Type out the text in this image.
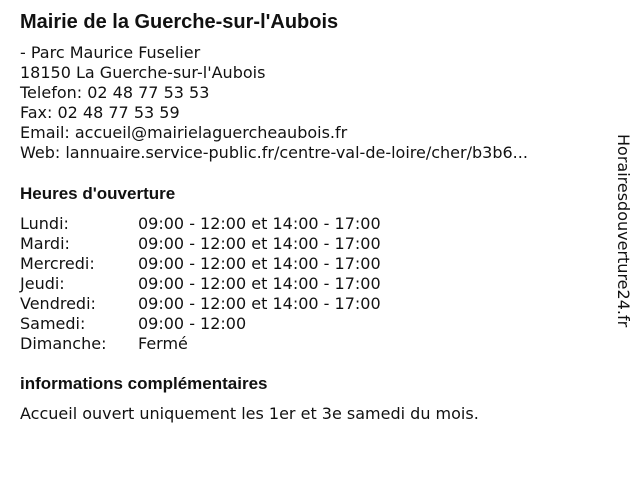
Mairie de la Guerche-sur-l'Aubois
- Parc Maurice Fuselier
18150 La Guerche-sur-l'Aubois
Telefon: 02 48 77 53 53
Fax: 02 48 77 53 59
Email: accueil@mairielaguercheaubois.fr
Web: lannuaire.service-public.fr/centre-val-de-loire/cher/b3b6...
Heures d'ouverture
Lundi:	09:00 - 12:00 et 14:00 - 17:00
Mardi:	09:00 - 12:00 et 14:00 - 17:00
Mercredi:	09:00 - 12:00 et 14:00 - 17:00
Jeudi:	09:00 - 12:00 et 14:00 - 17:00
Vendredi:	09:00 - 12:00 et 14:00 - 17:00
Samedi:	09:00 - 12:00
Dimanche: Fermé
informations complémentaires
Accueil ouvert uniquement les 1er et 3e samedi du mois.
Horairesdouverture24.fr
